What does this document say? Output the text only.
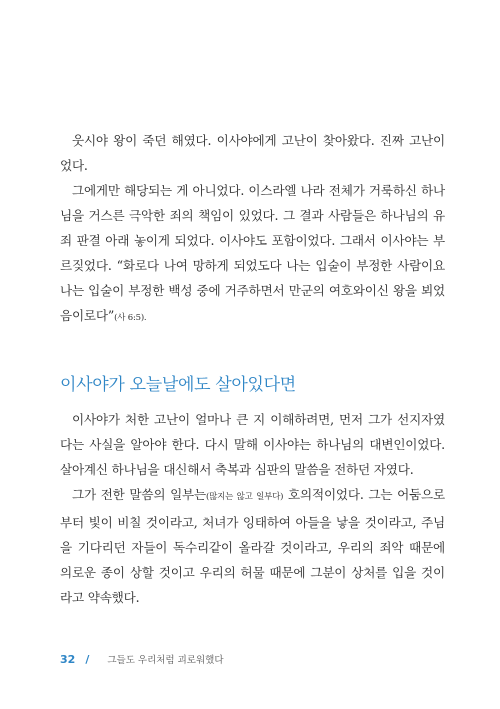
웃시야 왕이 죽던 해였다. 이사야에게 고난이 찾아왔다. 진짜 고난이었다.

그에게만 해당되는 게 아니었다. 이스라엘 나라 전체가 거룩하신 하나님을 거스른 극악한 죄의 책임이 있었다. 그 결과 사람들은 하나님의 유죄 판결 아래 놓이게 되었다. 이사야도 포함이었다. 그래서 이사야는 부르짖었다. “화로다 나여 망하게 되었도다 나는 입술이 부정한 사람이요 나는 입술이 부정한 백성 중에 거주하면서 만군의 여호와이신 왕을 뵈었음이로다”(사 6:5).

이사야가 오늘날에도 살아있다면

이사야가 처한 고난이 얼마나 큰 지 이해하려면, 먼저 그가 선지자였다는 사실을 알아야 한다. 다시 말해 이사야는 하나님의 대변인이었다. 살아계신 하나님을 대신해서 축복과 심판의 말씀을 전하던 자였다.

그가 전한 말씀의 일부는(많지는 않고 일부다) 호의적이었다. 그는 어둠으로부터 빛이 비칠 것이라고, 처녀가 잉태하여 아들을 낳을 것이라고, 주님을 기다리던 자들이 독수리같이 올라갈 것이라고, 우리의 죄악 때문에 의로운 종이 상할 것이고 우리의 허물 때문에 그분이 상처를 입을 것이라고 약속했다.

32 / 그들도 우리처럼 괴로워했다
